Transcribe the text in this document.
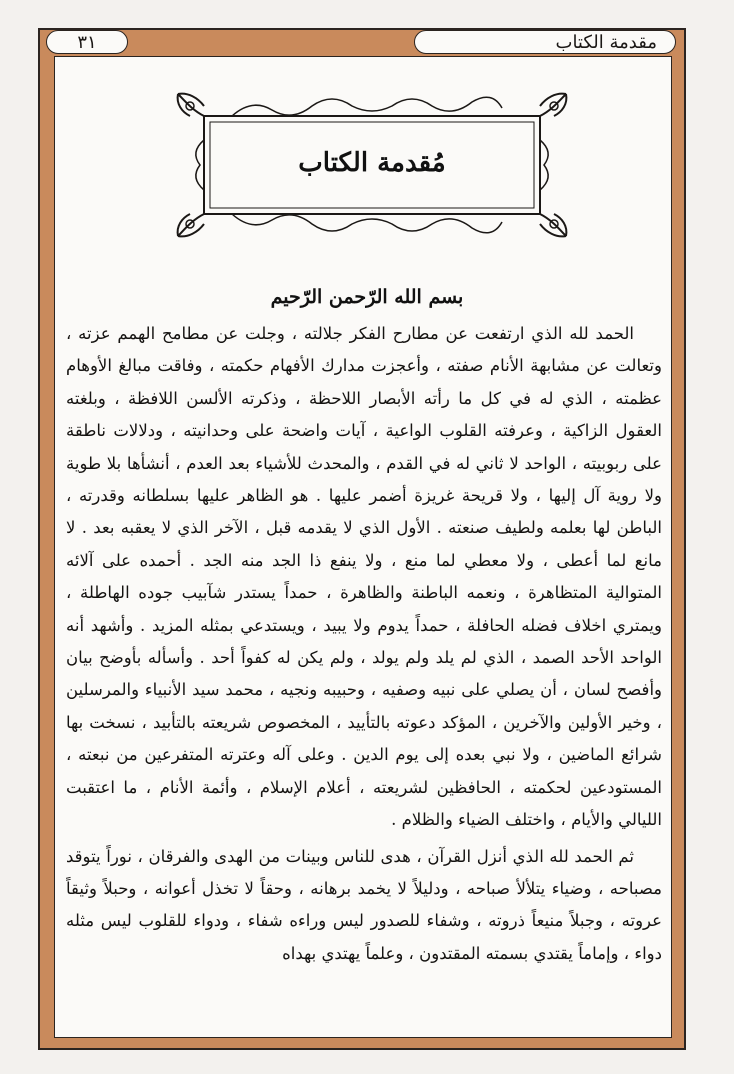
مقدمة الكتاب
٣١
مُقدمة الكتاب
بسم الله الرّحمن الرّحيم

الحمد لله الذي ارتفعت عن مطارح الفكر جلالته ، وجلت عن مطامح الهمم عزته ، وتعالت عن مشابهة الأنام صفته ، وأعجزت مدارك الأفهام حكمته ، وفاقت مبالغ الأوهام عظمته ، الذي له في كل ما رأته الأبصار اللاحظة ، وذكرته الألسن اللافظة ، وبلغته العقول الزاكية ، وعرفته القلوب الواعية ، آيات واضحة على وحدانيته ، ودلالات ناطقة على ربوبيته ، الواحد لا ثاني له في القدم ، والمحدث للأشياء بعد العدم ، أنشأها بلا طوية ولا روية آل إليها ، ولا قريحة غريزة أضمر عليها . هو الظاهر عليها بسلطانه وقدرته ، الباطن لها بعلمه ولطيف صنعته . الأول الذي لا يقدمه قبل ، الآخر الذي لا يعقبه بعد . لا مانع لما أعطى ، ولا معطي لما منع ، ولا ينفع ذا الجد منه الجد . أحمده على آلائه المتوالية المتظاهرة ، ونعمه الباطنة والظاهرة ، حمداً يستدر شآبيب جوده الهاطلة ، ويمتري اخلاف فضله الحافلة ، حمداً يدوم ولا يبيد ، ويستدعي بمثله المزيد . وأشهد أنه الواحد الأحد الصمد ، الذي لم يلد ولم يولد ، ولم يكن له كفواً أحد . وأسأله بأوضح بيان وأفصح لسان ، أن يصلي على نبيه وصفيه ، وحبيبه ونجيه ، محمد سيد الأنبياء والمرسلين ، وخير الأولين والآخرين ، المؤكد دعوته بالتأييد ، المخصوص شريعته بالتأبيد ، نسخت بها شرائع الماضين ، ولا نبي بعده إلى يوم الدين . وعلى آله وعترته المتفرعين من نبعته ، المستودعين لحكمته ، الحافظين لشريعته ، أعلام الإسلام ، وأئمة الأنام ، ما اعتقبت الليالي والأيام ، واختلف الضياء والظلام .

ثم الحمد لله الذي أنزل القرآن ، هدى للناس وبينات من الهدى والفرقان ، نوراً يتوقد مصباحه ، وضياء يتلألأ صباحه ، ودليلاً لا يخمد برهانه ، وحقاً لا تخذل أعوانه ، وحبلاً وثيقاً عروته ، وجبلاً منيعاً ذروته ، وشفاء للصدور ليس وراءه شفاء ، ودواء للقلوب ليس مثله دواء ، وإماماً يقتدي بسمته المقتدون ، وعلماً يهتدي بهداه
